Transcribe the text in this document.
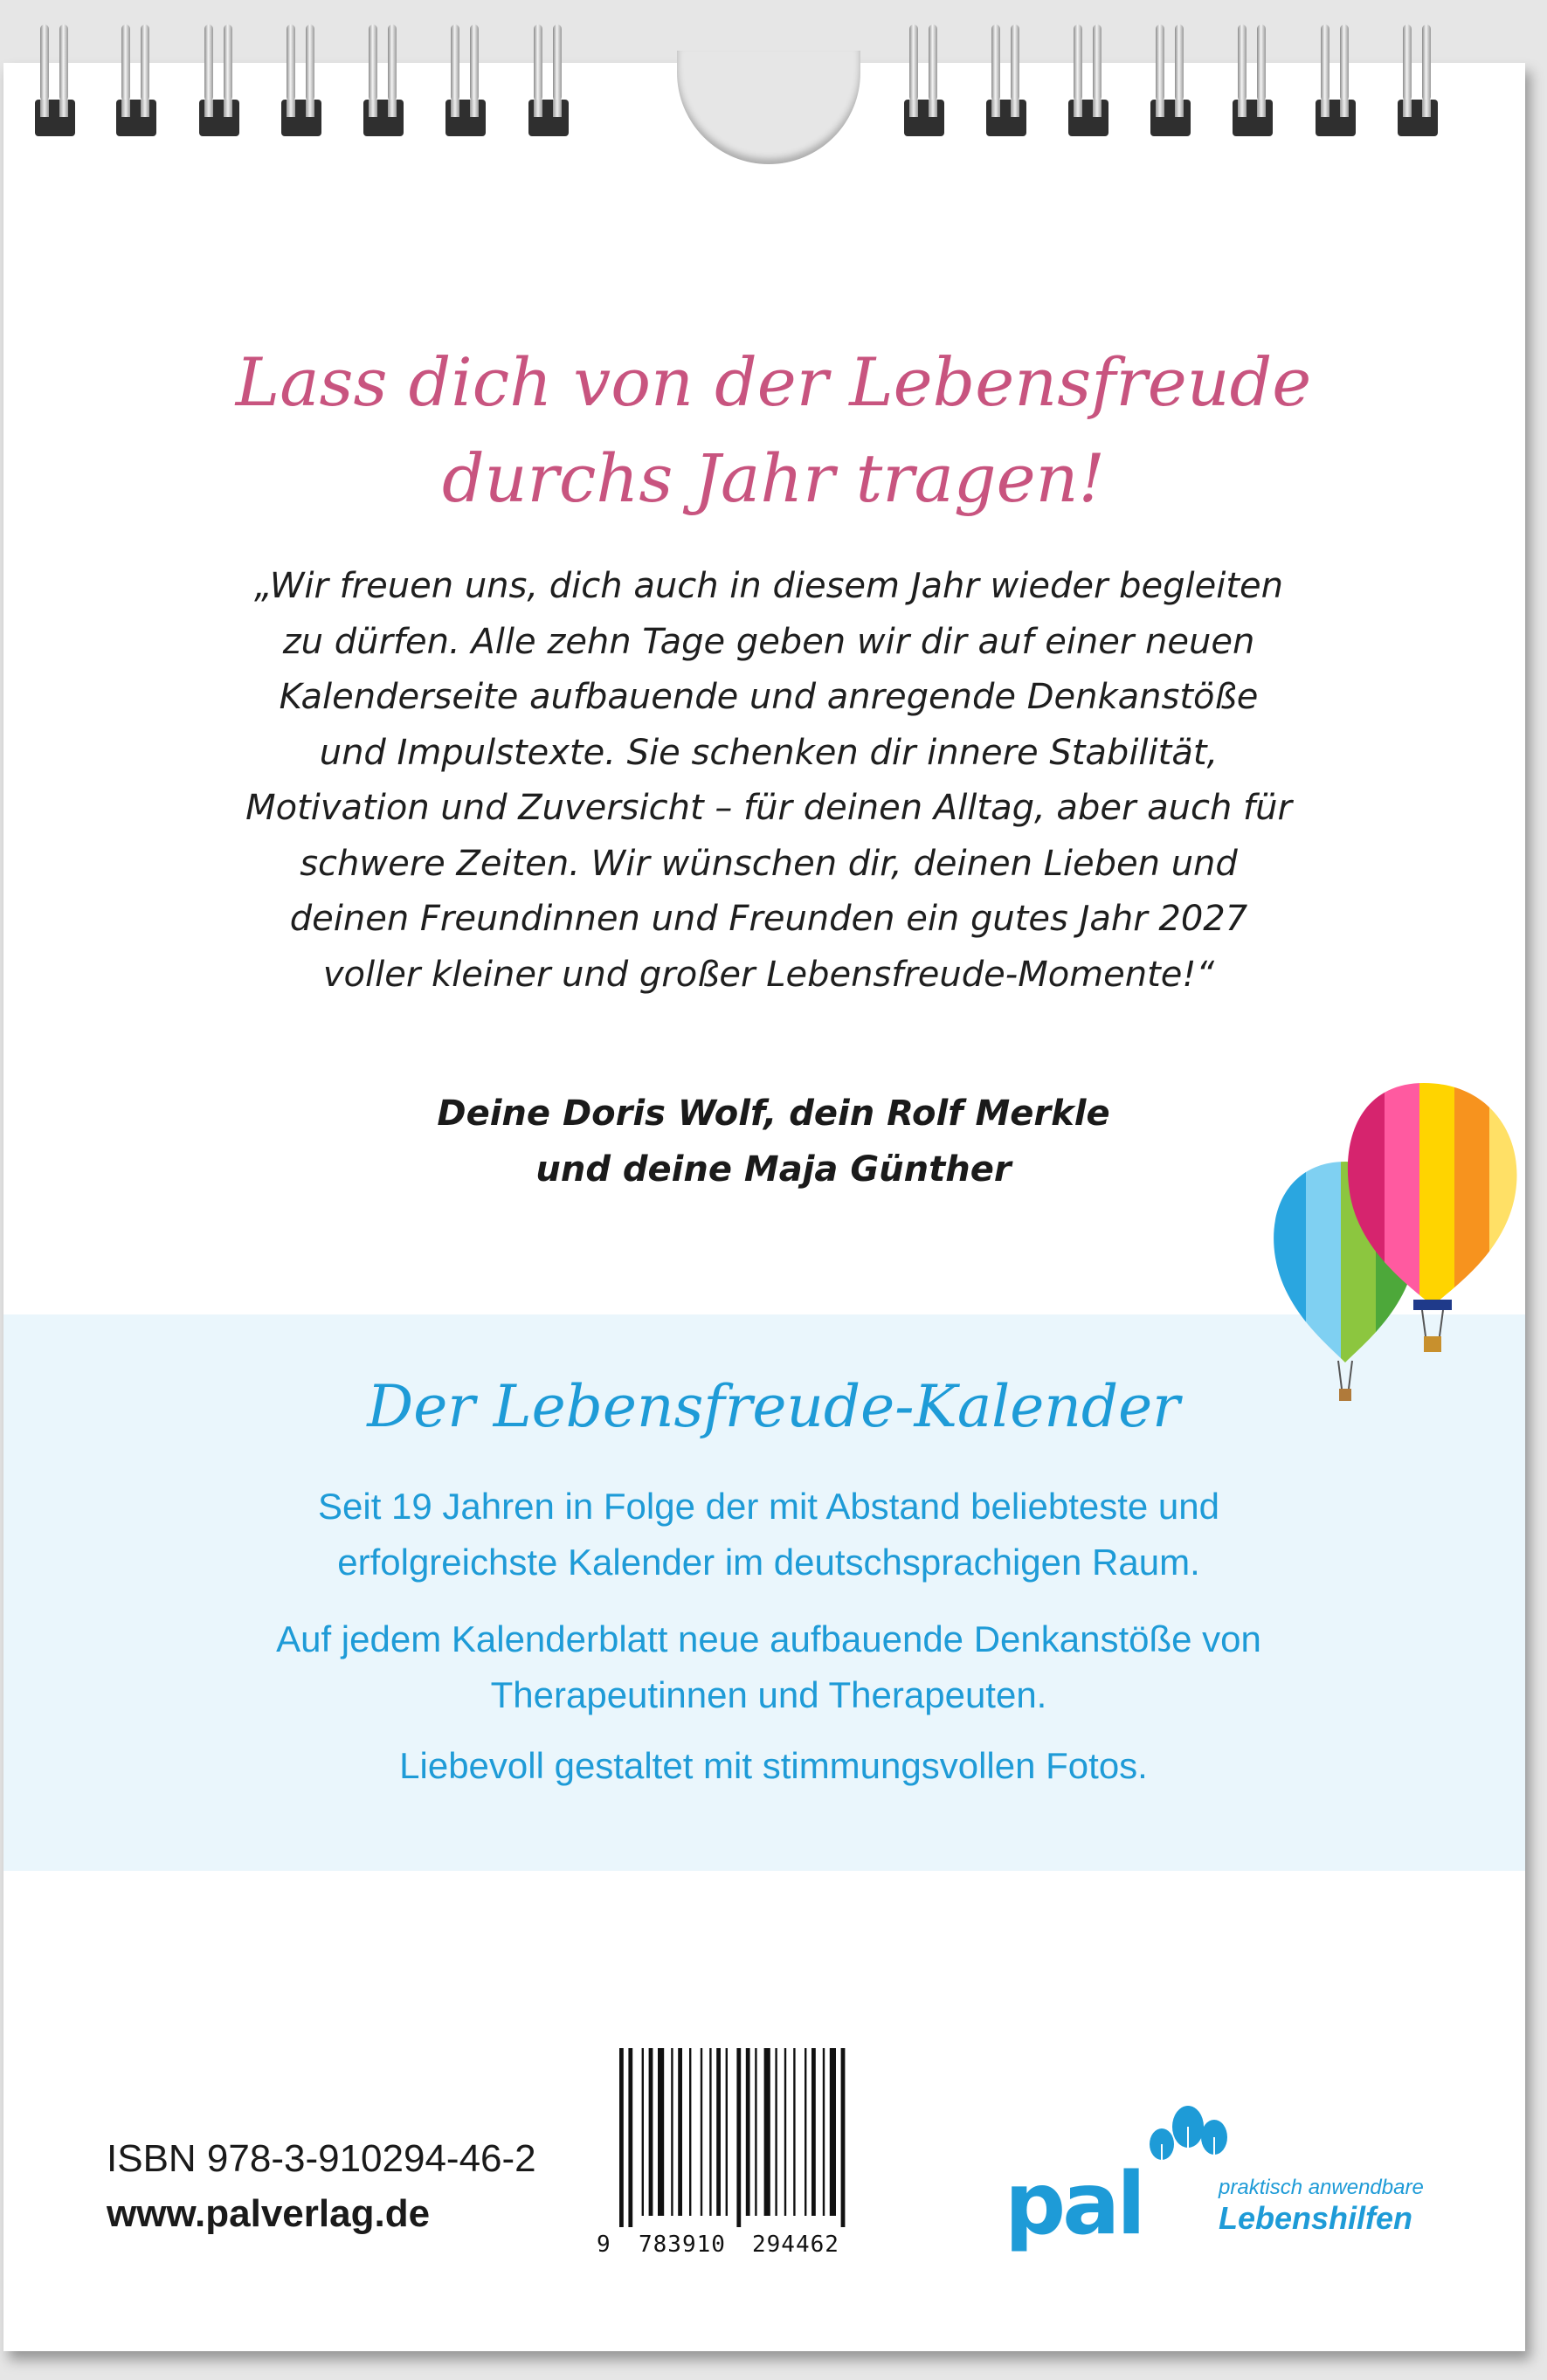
Lass dich von der Lebensfreude
durchs Jahr tragen!

„Wir freuen uns, dich auch in diesem Jahr wieder begleiten zu dürfen. Alle zehn Tage geben wir dir auf einer neuen Kalenderseite aufbauende und anregende Denkanstöße und Impulstexte. Sie schenken dir innere Stabilität, Motivation und Zuversicht – für deinen Alltag, aber auch für schwere Zeiten. Wir wünschen dir, deinen Lieben und deinen Freundinnen und Freunden ein gutes Jahr 2027 voller kleiner und großer Lebensfreude-Momente!“

Deine Doris Wolf, dein Rolf Merkle

und deine Maja Günther

Der Lebensfreude-Kalender

Seit 19 Jahren in Folge der mit Abstand beliebteste und erfolgreichste Kalender im deutschsprachigen Raum.

Auf jedem Kalenderblatt neue aufbauende Denkanstöße von Therapeutinnen und Therapeuten.

Liebevoll gestaltet mit stimmungsvollen Fotos.

ISBN 978-3-910294-46-2

www.palverlag.de

9 783910 294462 pal	praktisch anwendbare

Lebenshilfen
